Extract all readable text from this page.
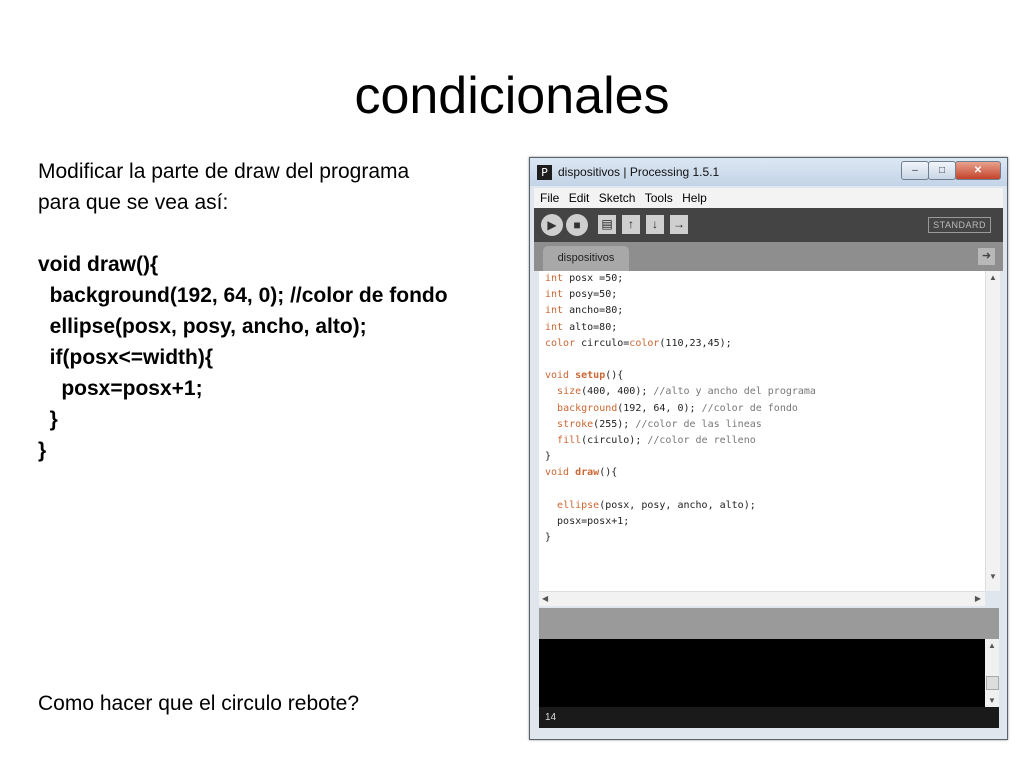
condicionales
Modificar la parte de draw del programa
para que se vea así:
void draw(){
background(192, 64, 0); //color de fondo
ellipse(posx, posy, ancho, alto);
if(posx<=width){
posx=posx+1;
}
}
Como hacer que el circulo rebote?
P dispositivos | Processing 1.5.1	–	□	✕
File Edit Sketch Tools Help
▶	■	▤	↑	↓	→	STANDARD
dispositivos	➜
int posx =50;
int posy=50;
int ancho=80;
int alto=80;
color circulo=color(110,23,45);

void setup(){
size(400, 400); //alto y ancho del programa
background(192, 64, 0); //color de fondo
stroke(255); //color de las lineas
fill(circulo); //color de relleno
}
void draw(){

ellipse(posx, posy, ancho, alto);
posx=posx+1;
}
▲
▼
◀	▶
▲
▼
14
